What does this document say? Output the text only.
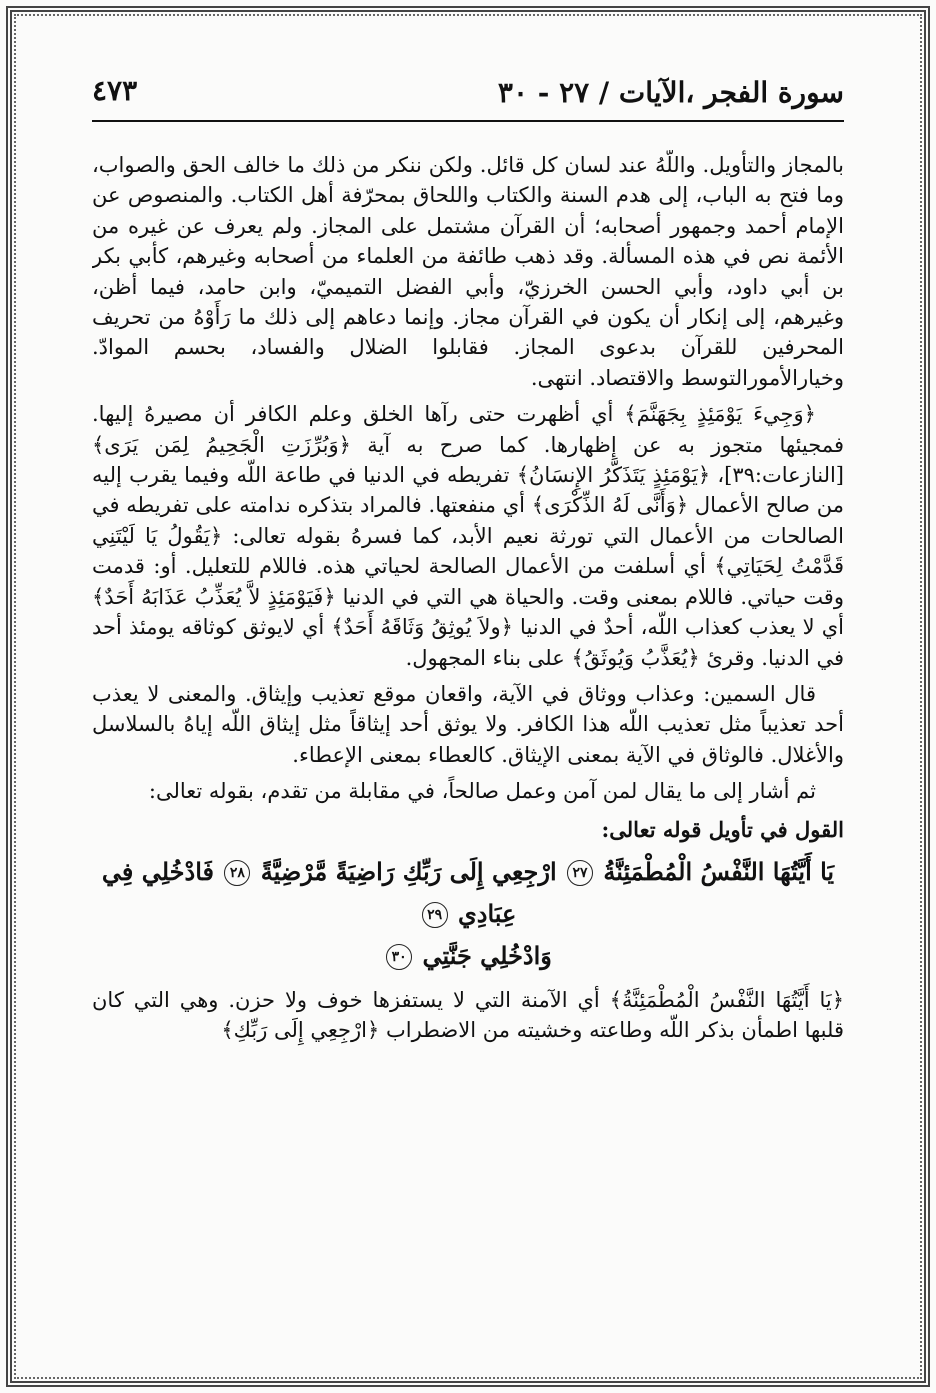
سورة الفجر ،الآيات / ٢٧ - ٣٠
٤٧٣

بالمجاز والتأويل. واللّهُ عند لسان كل قائل. ولكن ننكر من ذلك ما خالف الحق والصواب، وما فتح به الباب، إلى هدم السنة والكتاب واللحاق بمحرّفة أهل الكتاب. والمنصوص عن الإمام أحمد وجمهور أصحابه؛ أن القرآن مشتمل على المجاز. ولم يعرف عن غيره من الأئمة نص في هذه المسألة. وقد ذهب طائفة من العلماء من أصحابه وغيرهم، كأبي بكر بن أبي داود، وأبي الحسن الخرزيّ، وأبي الفضل التميميّ، وابن حامد، فيما أظن، وغيرهم، إلى إنكار أن يكون في القرآن مجاز. وإنما دعاهم إلى ذلك ما رَأَوْهُ من تحريف المحرفين للقرآن بدعوى المجاز. فقابلوا الضلال والفساد، بحسم الموادّ. وخيارالأمورالتوسط والاقتصاد. انتهى.

﴿وَجِيءَ يَوْمَئِذٍ بِجَهَنَّمَ﴾ أي أظهرت حتى رآها الخلق وعلم الكافر أن مصيرهُ إليها. فمجيئها متجوز به عن إظهارها. كما صرح به آية ﴿وَبُرِّزَتِ الْجَحِيمُ لِمَن يَرَى﴾ [النازعات:٣٩]، ﴿يَوْمَئِذٍ يَتَذَكَّرُ الإِنسَانُ﴾ تفريطه في الدنيا في طاعة اللّه وفيما يقرب إليه من صالح الأعمال ﴿وَأَنَّى لَهُ الذِّكْرَى﴾ أي منفعتها. فالمراد بتذكره ندامته على تفريطه في الصالحات من الأعمال التي تورثة نعيم الأبد، كما فسرهُ بقوله تعالى: ﴿يَقُولُ يَا لَيْتَنِي قَدَّمْتُ لِحَيَاتِي﴾ أي أسلفت من الأعمال الصالحة لحياتي هذه. فاللام للتعليل. أو: قدمت وقت حياتي. فاللام بمعنى وقت. والحياة هي التي في الدنيا ﴿فَيَوْمَئِذٍ لاَّ يُعَذِّبُ عَذَابَهُ أَحَدٌ﴾ أي لا يعذب كعذاب اللّه، أحدٌ في الدنيا ﴿ولاَ يُوثِقُ وَثَاقَهُ أَحَدٌ﴾ أي لايوثق كوثاقه يومئذ أحد في الدنيا. وقرئ ﴿يُعَذَّبُ وَيُوثَقُ﴾ على بناء المجهول.

قال السمين: وعذاب ووثاق في الآية، واقعان موقع تعذيب وإيثاق. والمعنى لا يعذب أحد تعذيباً مثل تعذيب اللّه هذا الكافر. ولا يوثق أحد إيثاقاً مثل إيثاق اللّه إياهُ بالسلاسل والأغلال. فالوثاق في الآية بمعنى الإيثاق. كالعطاء بمعنى الإعطاء.

ثم أشار إلى ما يقال لمن آمن وعمل صالحاً، في مقابلة من تقدم، بقوله تعالى:

القول في تأويل قوله تعالى:

يَا أَيَّتُهَا النَّفْسُ الْمُطْمَئِنَّةُ ٢٧ ارْجِعِي إِلَى رَبِّكِ رَاضِيَةً مَّرْضِيَّةً ٢٨ فَادْخُلِي فِي عِبَادِي ٢٩
وَادْخُلِي جَنَّتِي ٣٠

﴿يَا أَيَّتُهَا النَّفْسُ الْمُطْمَئِنَّةُ﴾ أي الآمنة التي لا يستفزها خوف ولا حزن. وهي التي كان قلبها اطمأن بذكر اللّه وطاعته وخشيته من الاضطراب ﴿ارْجِعِي إِلَى رَبِّكِ﴾
